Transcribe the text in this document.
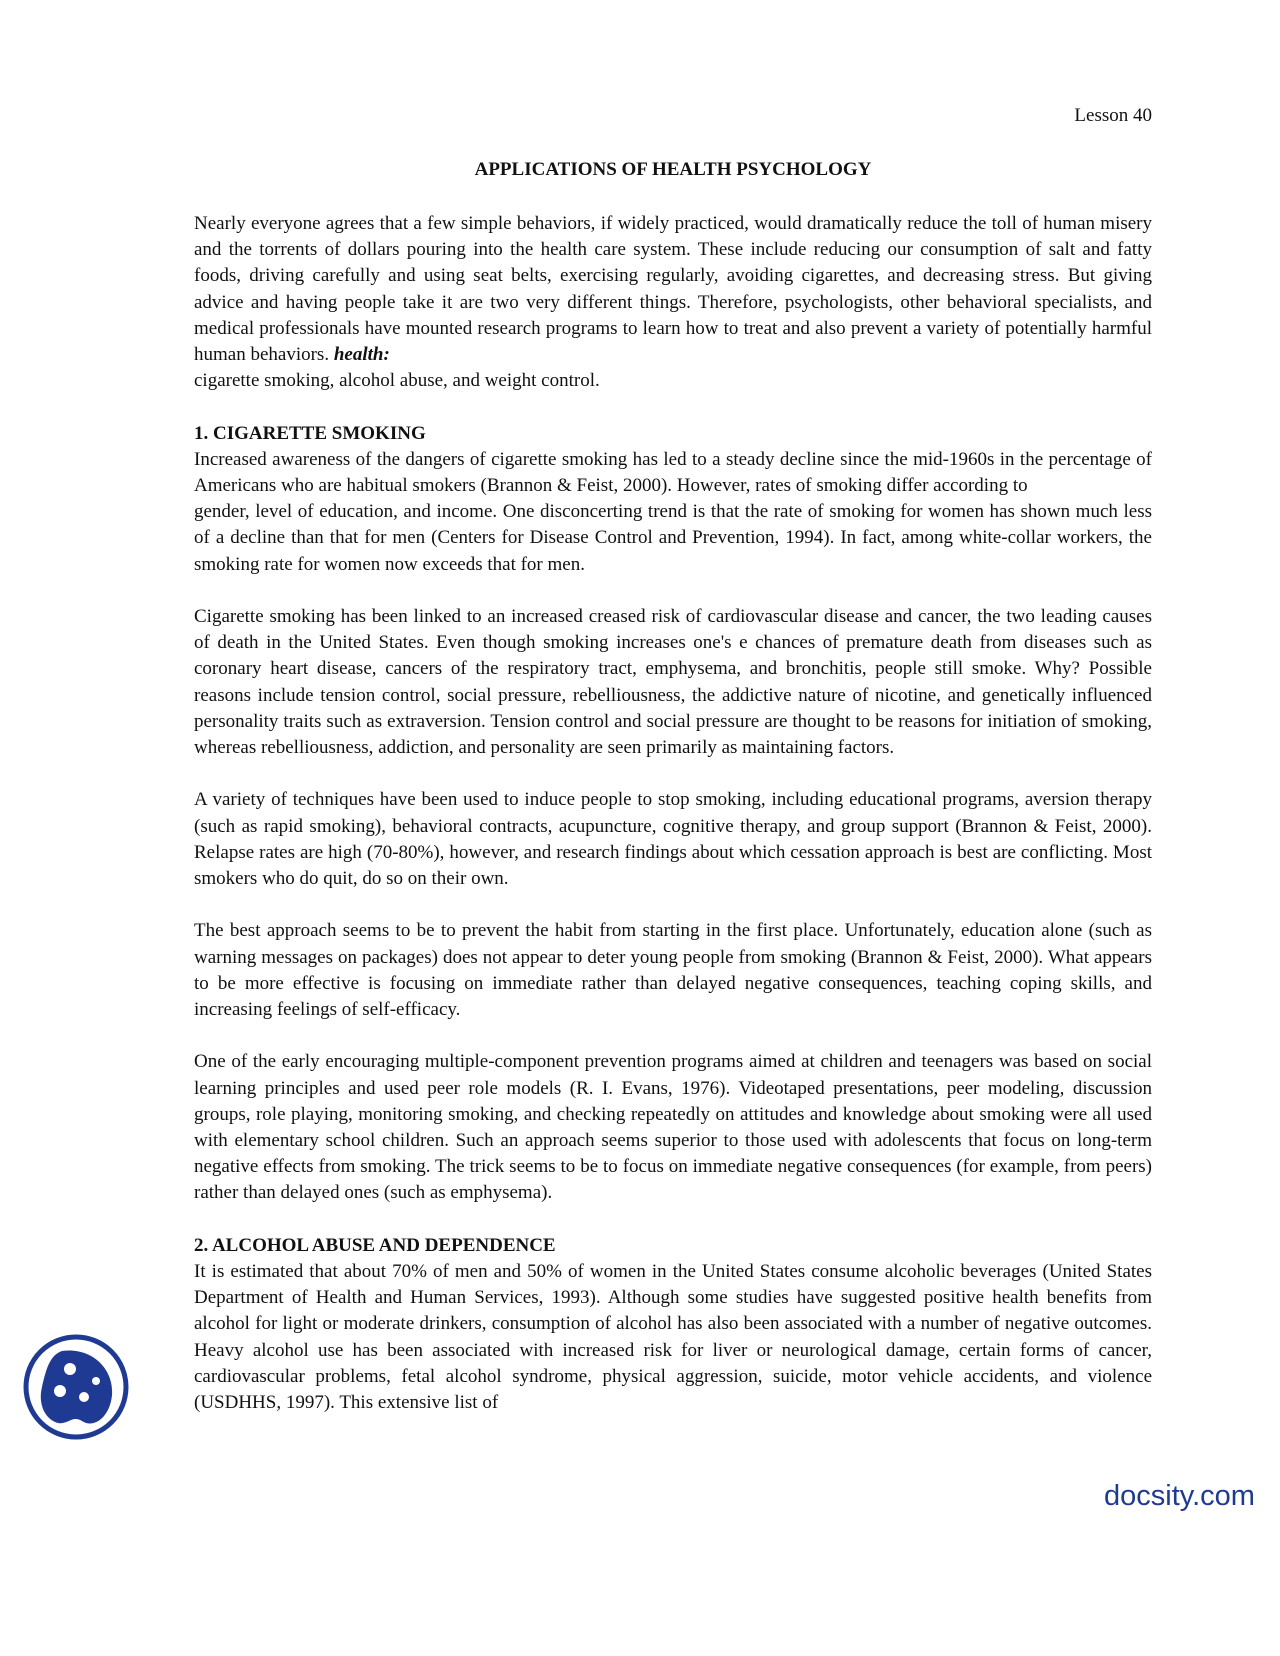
Lesson 40
APPLICATIONS OF HEALTH PSYCHOLOGY

Nearly everyone agrees that a few simple behaviors, if widely practiced, would dramatically reduce the toll of human misery and the torrents of dollars pouring into the health care system. These include reducing our consumption of salt and fatty foods, driving carefully and using seat belts, exercising regularly, avoiding cigarettes, and decreasing stress. But giving advice and having people take it are two very different things. Therefore, psychologists, other behavioral specialists, and medical professionals have mounted research programs to learn how to treat and also prevent a variety of potentially harmful human behaviors. health:
cigarette smoking, alcohol abuse, and weight control.

1. CIGARETTE SMOKING

Increased awareness of the dangers of cigarette smoking has led to a steady decline since the mid-1960s in the percentage of Americans who are habitual smokers (Brannon & Feist, 2000). However, rates of smoking differ according to

gender, level of education, and income. One disconcerting trend is that the rate of smoking for women has shown much less of a decline than that for men (Centers for Disease Control and Prevention, 1994). In fact, among white-collar workers, the smoking rate for women now exceeds that for men.

Cigarette smoking has been linked to an increased creased risk of cardiovascular disease and cancer, the two leading causes of death in the United States. Even though smoking increases one's e chances of premature death from diseases such as coronary heart disease, cancers of the respiratory tract, emphysema, and bronchitis, people still smoke. Why? Possible reasons include tension control, social pressure, rebelliousness, the addictive nature of nicotine, and genetically influenced personality traits such as extraversion. Tension control and social pressure are thought to be reasons for initiation of smoking, whereas rebelliousness, addiction, and personality are seen primarily as maintaining factors.

A variety of techniques have been used to induce people to stop smoking, including educational programs, aversion therapy (such as rapid smoking), behavioral contracts, acupuncture, cognitive therapy, and group support (Brannon & Feist, 2000). Relapse rates are high (70-80%), however, and research findings about which cessation approach is best are conflicting. Most smokers who do quit, do so on their own.

The best approach seems to be to prevent the habit from starting in the first place. Unfortunately, education alone (such as warning messages on packages) does not appear to deter young people from smoking (Brannon & Feist, 2000). What appears to be more effective is focusing on immediate rather than delayed negative consequences, teaching coping skills, and increasing feelings of self-efficacy.

One of the early encouraging multiple-component prevention programs aimed at children and teenagers was based on social learning principles and used peer role models (R. I. Evans, 1976). Videotaped presentations, peer modeling, discussion groups, role playing, monitoring smoking, and checking repeatedly on attitudes and knowledge about smoking were all used with elementary school children. Such an approach seems superior to those used with adolescents that focus on long-term negative effects from smoking. The trick seems to be to focus on immediate negative consequences (for example, from peers) rather than delayed ones (such as emphysema).

2. ALCOHOL ABUSE AND DEPENDENCE

It is estimated that about 70% of men and 50% of women in the United States consume alcoholic beverages (United States Department of Health and Human Services, 1993). Although some studies have suggested positive health benefits from alcohol for light or moderate drinkers, consumption of alcohol has also been associated with a number of negative outcomes. Heavy alcohol use has been associated with increased risk for liver or neurological damage, certain forms of cancer, cardiovascular problems, fetal alcohol syndrome, physical aggression, suicide, motor vehicle accidents, and violence (USDHHS, 1997). This extensive list of

docsity.com
